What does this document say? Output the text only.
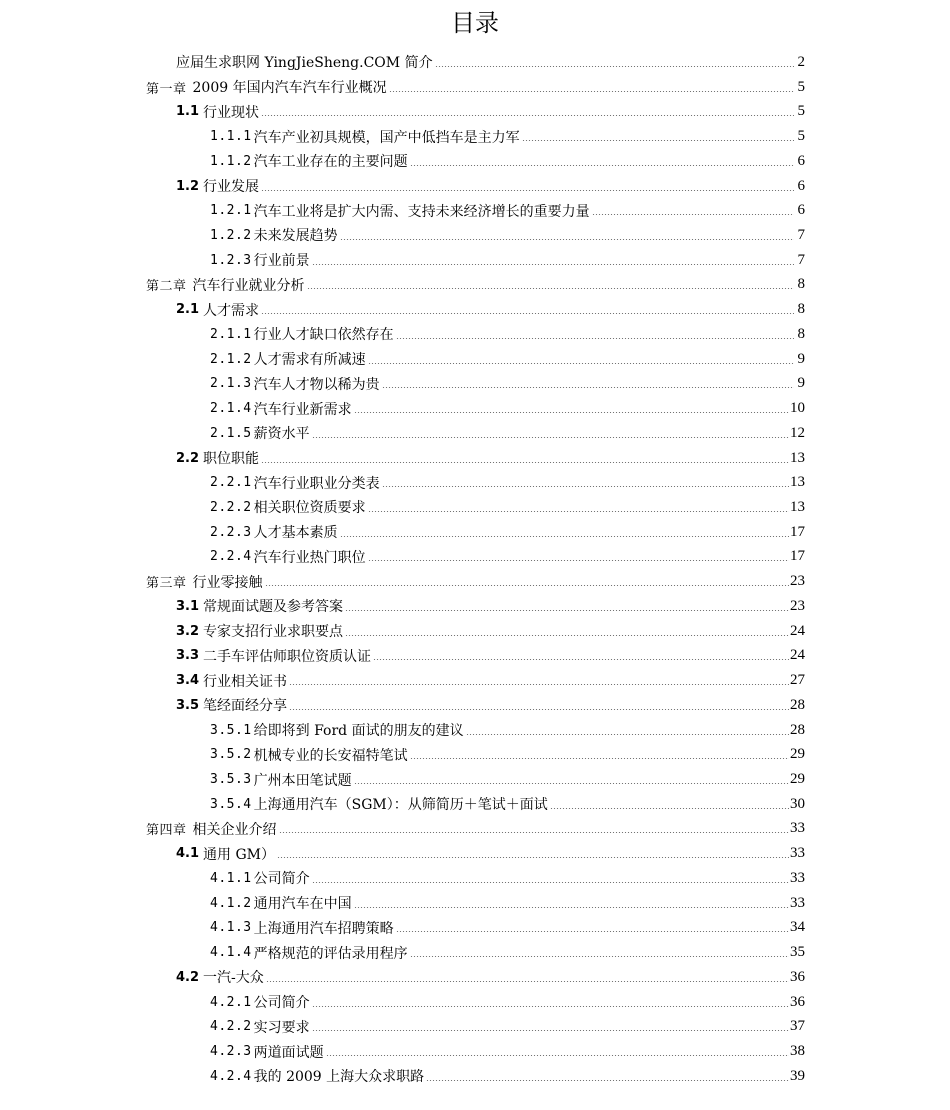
目录
应届生求职网 YingJieSheng.COM 简介	2
第一章 2009 年国内汽车汽车行业概况	5
1.1 行业现状	5
1.1.1 汽车产业初具规模，国产中低挡车是主力军	5
1.1.2 汽车工业存在的主要问题	6
1.2 行业发展	6
1.2.1 汽车工业将是扩大内需、支持未来经济增长的重要力量	6
1.2.2 未来发展趋势	7
1.2.3 行业前景	7
第二章 汽车行业就业分析	8
2.1 人才需求	8
2.1.1 行业人才缺口依然存在	8
2.1.2 人才需求有所减速	9
2.1.3 汽车人才物以稀为贵	9
2.1.4 汽车行业新需求	10
2.1.5 薪资水平	12
2.2 职位职能	13
2.2.1 汽车行业职业分类表	13
2.2.2 相关职位资质要求	13
2.2.3 人才基本素质	17
2.2.4 汽车行业热门职位	17
第三章 行业零接触	23
3.1 常规面试题及参考答案	23
3.2 专家支招行业求职要点	24
3.3 二手车评估师职位资质认证	24
3.4 行业相关证书	27
3.5 笔经面经分享	28
3.5.1 给即将到 Ford 面试的朋友的建议	28
3.5.2 机械专业的长安福特笔试	29
3.5.3 广州本田笔试题	29
3.5.4 上海通用汽车（SGM）：从筛简历＋笔试＋面试	30
第四章 相关企业介绍	33
4.1 通用 GM）	33
4.1.1 公司简介	33
4.1.2 通用汽车在中国	33
4.1.3 上海通用汽车招聘策略	34
4.1.4 严格规范的评估录用程序	35
4.2 一汽-大众	36
4.2.1 公司简介	36
4.2.2 实习要求	37
4.2.3 两道面试题	38
4.2.4 我的 2009 上海大众求职路	39
